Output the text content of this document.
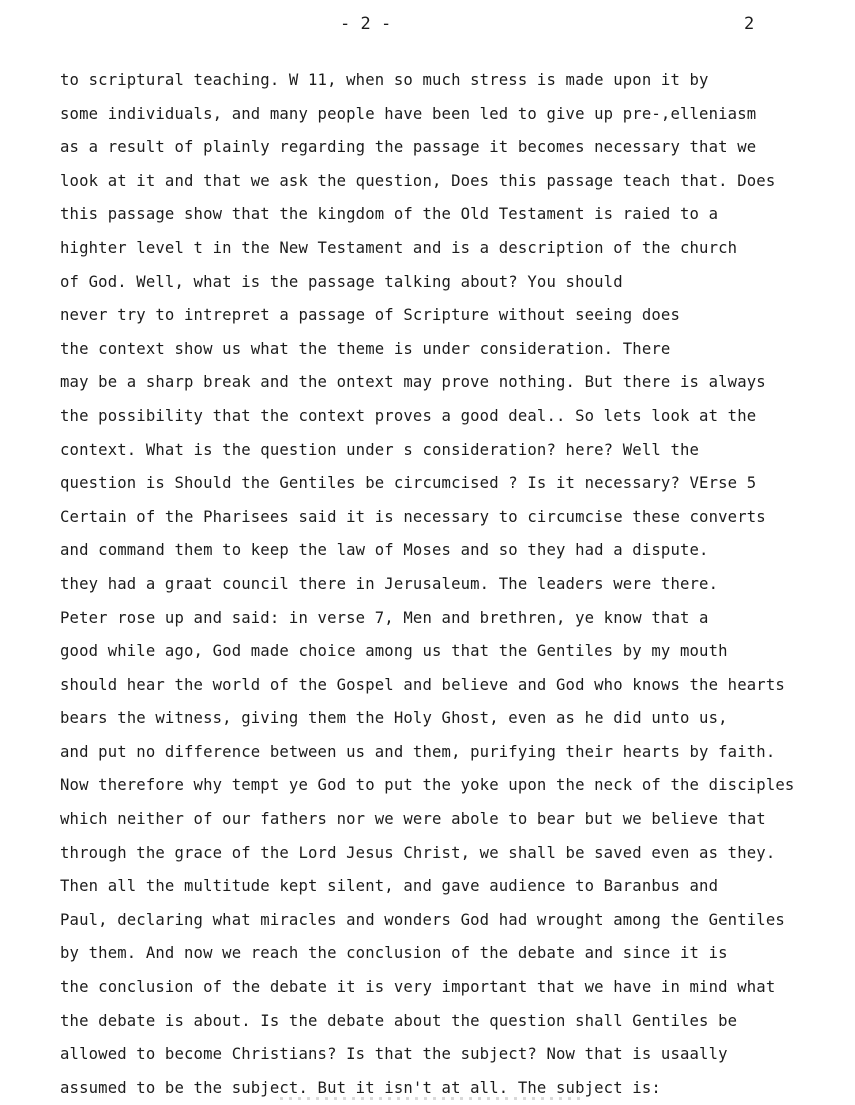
- 2 -	2
to scriptural teaching. W 11, when so much stress is made upon it by
some individuals, and many people have been led to give up pre-,elleniasm
as a result of plainly regarding the passage it becomes necessary that we
look at it and that we ask the question, Does this passage teach that. Does
this passage show that the kingdom of the Old Testament is raied to a
highter level t in the New Testament and is a description of the church
of God. Well, what is the passage talking about? You should
never try to intrepret a passage of Scripture without seeing does
the context show us what the theme is under consideration. There
may be a sharp break and the ontext may prove nothing. But there is always
the possibility that the context proves a good deal.. So lets look at the
context. What is the question under s consideration? here? Well the
question is Should the Gentiles be circumcised ? Is it necessary? VErse 5
Certain of the Pharisees said it is necessary to circumcise these converts
and command them to keep the law of Moses and so they had a dispute.
they had a graat council there in Jerusaleum. The leaders were there.
Peter rose up and said: in verse 7, Men and brethren, ye know that a
good while ago, God made choice among us that the Gentiles by my mouth
should hear the world of the Gospel and believe and God who knows the hearts
bears the witness, giving them the Holy Ghost, even as he did unto us,
and put no difference between us and them, purifying their hearts by faith.
Now therefore why tempt ye God to put the yoke upon the neck of the disciples
which neither of our fathers nor we were abole to bear but we believe that
through the grace of the Lord Jesus Christ, we shall be saved even as they.
Then all the multitude kept silent, and gave audience to Baranbus and
Paul, declaring what miracles and wonders God had wrought among the Gentiles
by them. And now we reach the conclusion of the debate and since it is
the conclusion of the debate it is very important that we have in mind what
the debate is about. Is the debate about the question shall Gentiles be
allowed to become Christians? Is that the subject? Now that is usaally
assumed to be the subject. But it isn't at all. The subject is:
